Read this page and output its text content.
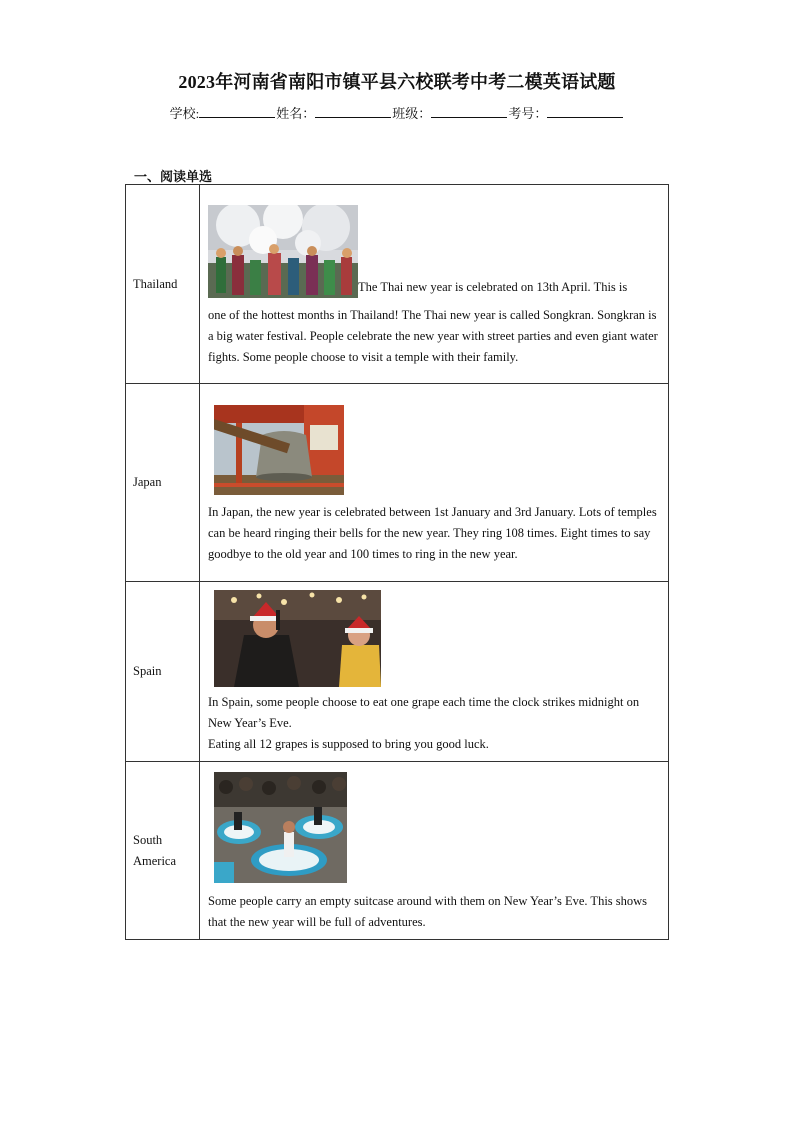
2023年河南省南阳市镇平县六校联考中考二模英语试题
学校:	姓名：	班级：	考号：
一、阅读单选
Thailand	The Thai new year is celebrated on 13th April. This is

one of the hottest months in Thailand! The Thai new year is called Songkran. Songkran is a big water festival. People celebrate the new year with street parties and even giant water fights. Some people choose to visit a temple with their family.

Japan	In Japan, the new year is celebrated between 1st January and 3rd January. Lots of temples can be heard ringing their bells for the new year. They ring 108 times. Eight times to say goodbye to the old year and 100 times to ring in the new year.

Spain	In Spain, some people choose to eat one grape each time the clock strikes midnight on New Year’s Eve.

Eating all 12 grapes is supposed to bring you good luck.

South
America	Some people carry an empty suitcase around with them on New Year’s Eve. This shows that the new year will be full of adventures.
